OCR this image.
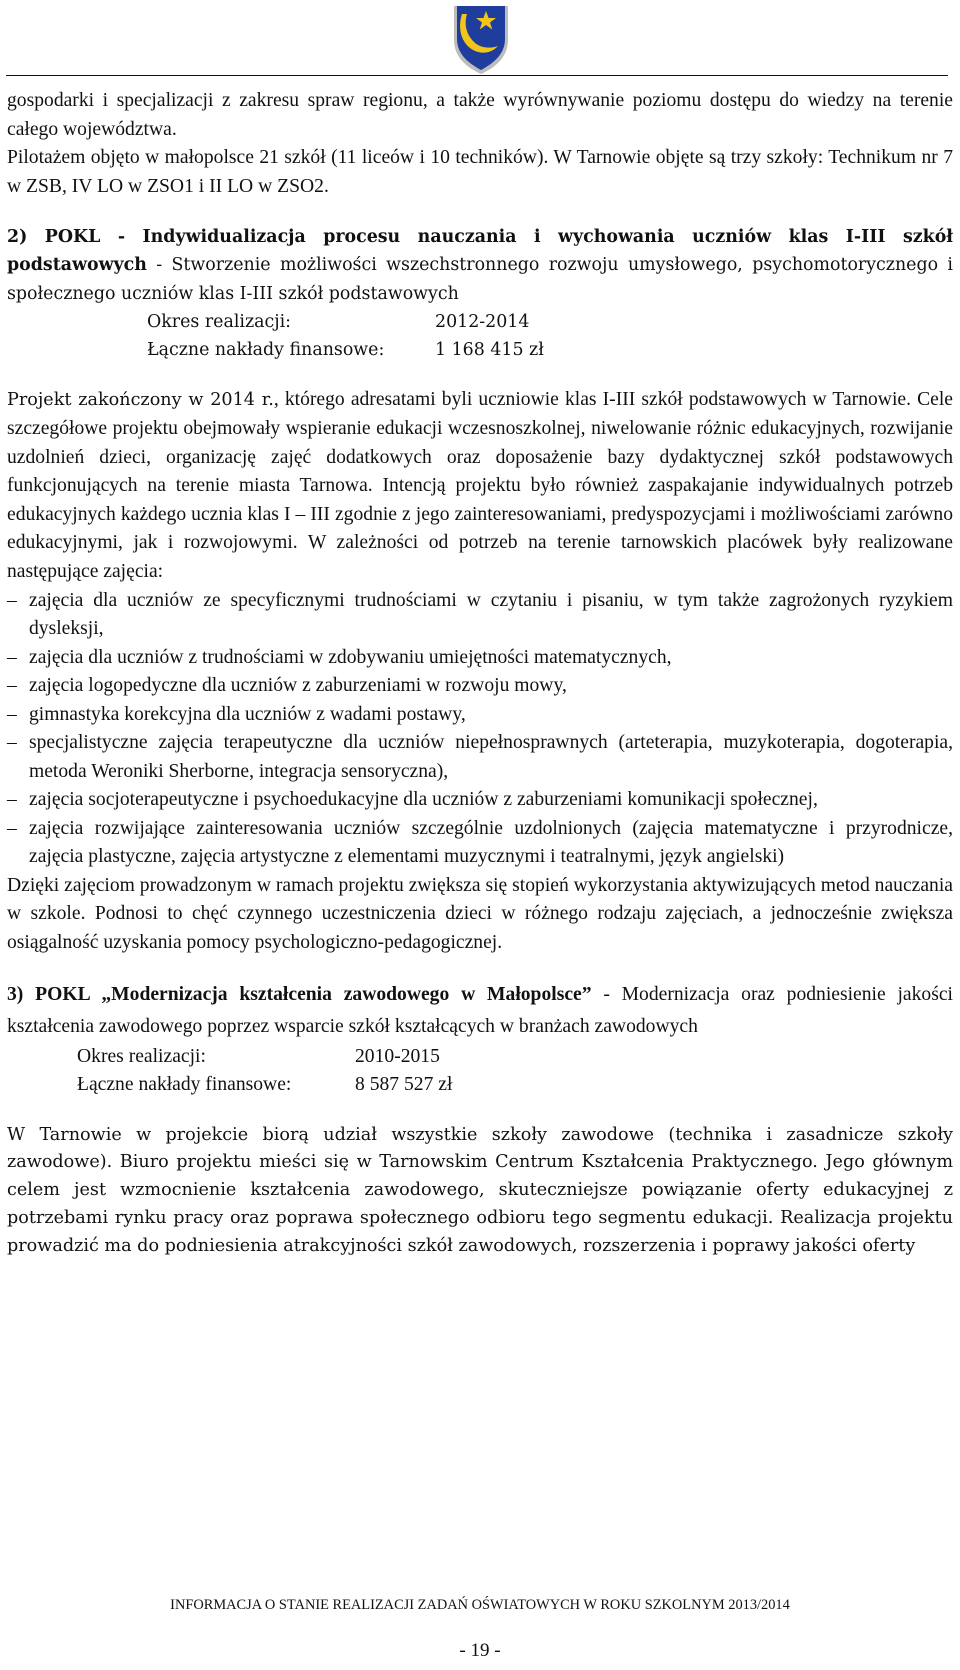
gospodarki i specjalizacji z zakresu spraw regionu, a także wyrównywanie poziomu dostępu do wiedzy na terenie całego województwa.

Pilotażem objęto w małopolsce 21 szkół (11 liceów i 10 techników). W Tarnowie objęte są trzy szkoły: Technikum nr 7 w ZSB, IV LO w ZSO1 i II LO w ZSO2.

2) POKL - Indywidualizacja procesu nauczania i wychowania uczniów klas I-III szkół podstawowych - Stworzenie możliwości wszechstronnego rozwoju umysłowego, psychomotorycznego i społecznego uczniów klas I-III szkół podstawowych

Okres realizacji:	2012-2014
Łączne nakłady finansowe:	1 168 415 zł

Projekt zakończony w 2014 r., którego adresatami byli uczniowie klas I-III szkół podstawowych w Tarnowie. Cele szczegółowe projektu obejmowały wspieranie edukacji wczesnoszkolnej, niwelowanie różnic edukacyjnych, rozwijanie uzdolnień dzieci, organizację zajęć dodatkowych oraz doposażenie bazy dydaktycznej szkół podstawowych funkcjonujących na terenie miasta Tarnowa. Intencją projektu było również zaspakajanie indywidualnych potrzeb edukacyjnych każdego ucznia klas I – III zgodnie z jego zainteresowaniami, predyspozycjami i możliwościami zarówno edukacyjnymi, jak i rozwojowymi. W zależności od potrzeb na terenie tarnowskich placówek były realizowane następujące zajęcia:

– zajęcia dla uczniów ze specyficznymi trudnościami w czytaniu i pisaniu, w tym także zagrożonych ryzykiem dysleksji,

– zajęcia dla uczniów z trudnościami w zdobywaniu umiejętności matematycznych,

– zajęcia logopedyczne dla uczniów z zaburzeniami w rozwoju mowy,

– gimnastyka korekcyjna dla uczniów z wadami postawy,

– specjalistyczne zajęcia terapeutyczne dla uczniów niepełnosprawnych (arteterapia, muzykoterapia, dogoterapia, metoda Weroniki Sherborne, integracja sensoryczna),

– zajęcia socjoterapeutyczne i psychoedukacyjne dla uczniów z zaburzeniami komunikacji społecznej,

– zajęcia rozwijające zainteresowania uczniów szczególnie uzdolnionych (zajęcia matematyczne i przyrodnicze, zajęcia plastyczne, zajęcia artystyczne z elementami muzycznymi i teatralnymi, język angielski)

Dzięki zajęciom prowadzonym w ramach projektu zwiększa się stopień wykorzystania aktywizujących metod nauczania w szkole. Podnosi to chęć czynnego uczestniczenia dzieci w różnego rodzaju zajęciach, a jednocześnie zwiększa osiągalność uzyskania pomocy psychologiczno-pedagogicznej.

3) POKL „Modernizacja kształcenia zawodowego w Małopolsce” - Modernizacja oraz podniesienie jakości kształcenia zawodowego poprzez wsparcie szkół kształcących w branżach zawodowych

Okres realizacji:	2010-2015
Łączne nakłady finansowe:	8 587 527 zł

W Tarnowie w projekcie biorą udział wszystkie szkoły zawodowe (technika i zasadnicze szkoły zawodowe). Biuro projektu mieści się w Tarnowskim Centrum Kształcenia Praktycznego. Jego głównym celem jest wzmocnienie kształcenia zawodowego, skuteczniejsze powiązanie oferty edukacyjnej z potrzebami rynku pracy oraz poprawa społecznego odbioru tego segmentu edukacji. Realizacja projektu prowadzić ma do podniesienia atrakcyjności szkół zawodowych, rozszerzenia i poprawy jakości oferty

INFORMACJA O STANIE REALIZACJI ZADAŃ OŚWIATOWYCH W ROKU SZKOLNYM 2013/2014
- 19 -
